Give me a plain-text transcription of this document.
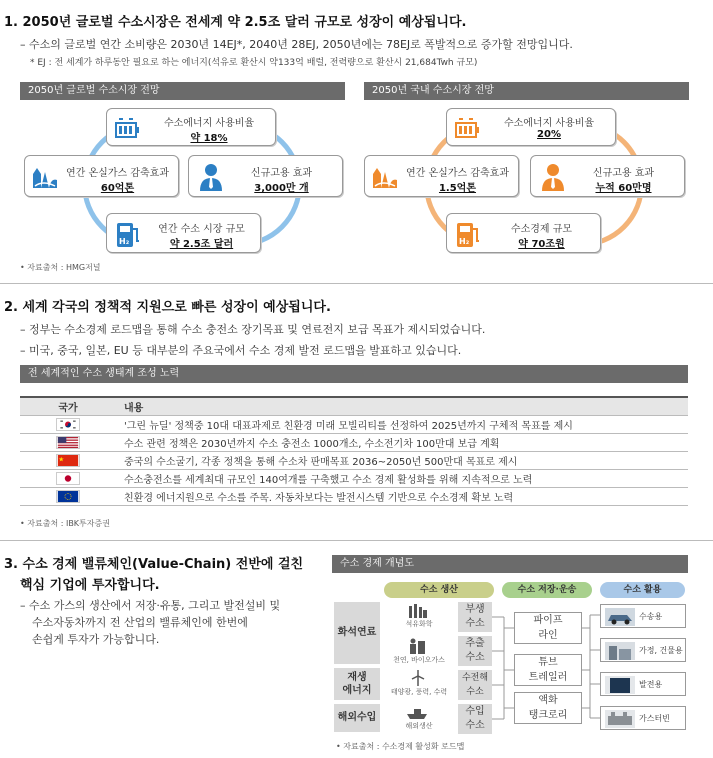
1. 2050년 글로벌 수소시장은 전세계 약 2.5조 달러 규모로 성장이 예상됩니다.
– 수소의 글로벌 연간 소비량은 2030년 14EJ*, 2040년 28EJ, 2050년에는 78EJ로 폭발적으로 증가할 전망입니다.
* EJ : 전 세계가 하루동안 필요로 하는 에너지(석유로 환산시 약133억 배럴, 전력량으로 환산시 21,684Twh 규모)
2050년 글로벌 수소시장 전망	2050년 국내 수소시장 전망
수소에너지 사용비율
약 18%
연간 온실가스 감축효과
60억톤
신규고용 효과
3,000만 개
H₂
연간 수소 시장 규모
약 2.5조 달러
수소에너지 사용비율
20%
연간 온실가스 감축효과
1.5억톤
신규고용 효과
누적 60만명
H₂
수소경제 규모
약 70조원
• 자료출처 : HMG저널
2. 세계 각국의 정책적 지원으로 빠른 성장이 예상됩니다.
– 정부는 수소경제 로드맵을 통해 수소 충전소 장기목표 및 연료전지 보급 목표가 제시되었습니다.
– 미국, 중국, 일본, EU 등 대부분의 주요국에서 수소 경제 발전 로드맵을 발표하고 있습니다.
전 세계적인 수소 생태계 조성 노력
국가	내용
	'그린 뉴딜' 정책중 10대 대표과제로 친환경 미래 모빌리티를 선정하여 2025년까지 구체적 목표를 제시
	수소 관련 정책은 2030년까지 수소 충전소 1000개소, 수소전기차 100만대 보급 계획
	중국의 수소굴기, 각종 정책을 통해 수소차 판매목표 2036~2050년 500만대 목표로 제시
	수소충전소를 세계최대 규모인 140여개를 구축했고 수소 경제 활성화를 위해 지속적으로 노력
	친환경 에너지원으로 수소를 주목. 자동차보다는 발전시스템 기반으로 수소경제 확보 노력
• 자료출처 : IBK투자증권
3. 수소 경제 밸류체인(Value-Chain) 전반에 걸친
핵심 기업에 투자합니다.
– 수소 가스의 생산에서 저장·유통, 그리고 발전설비 및
수소자동차까지 전 산업의 밸류체인에 한번에
손쉽게 투자가 가능합니다.
수소 경제 개념도
수소 생산	수소 저장·운송	수소 활용
화석연료
재생
에너지
해외수입
석유화학
천연, 바이오가스
태양광, 풍력, 수력
해외생산
부생
수소
추출
수소
수전해
수소
수입
수소
파이프
라인
튜브
트레일러
액화
탱크로리
수송용
가정, 건물용
발전용
가스터빈
• 자료출처 : 수소경제 활성화 로드맵
